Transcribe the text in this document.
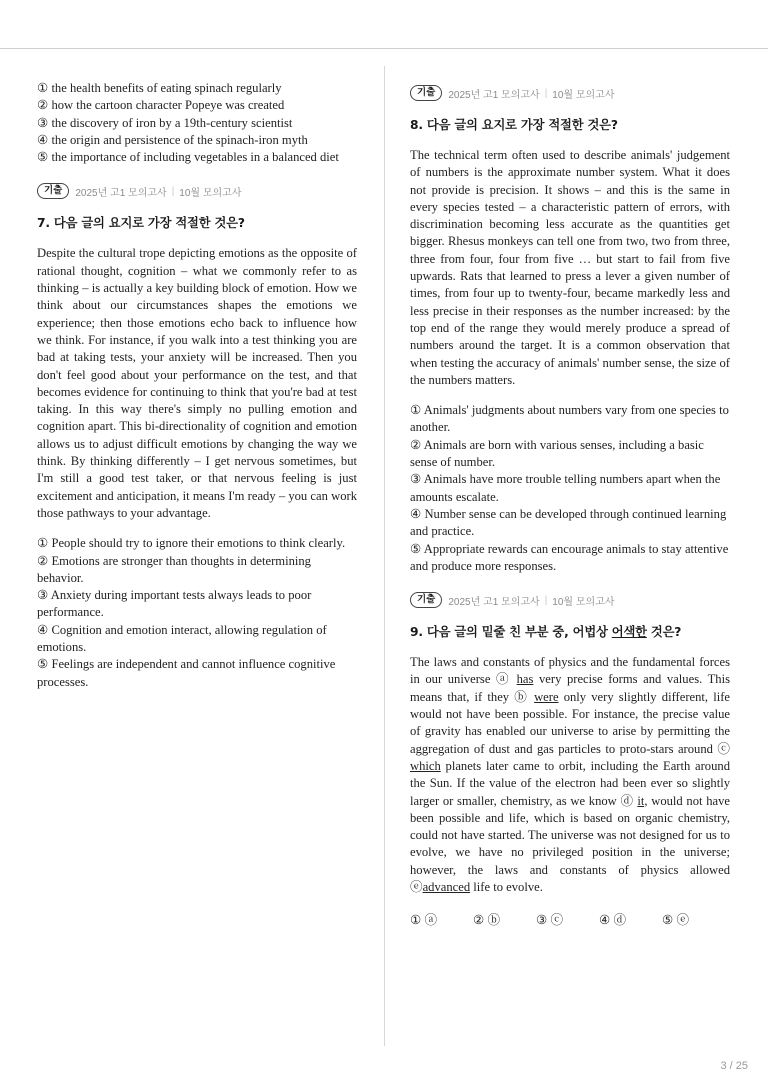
① the health benefits of eating spinach regularly
② how the cartoon character Popeye was created
③ the discovery of iron by a 19th-century scientist
④ the origin and persistence of the spinach-iron myth
⑤ the importance of including vegetables in a balanced diet
기출	2025년 고1 모의고사 | 10월 모의고사
7. 다음 글의 요지로 가장 적절한 것은?
Despite the cultural trope depicting emotions as the opposite of rational thought, cognition – what we commonly refer to as thinking – is actually a key building block of emotion. How we think about our circumstances shapes the emotions we experience; then those emotions echo back to influence how we think. For instance, if you walk into a test thinking you are bad at taking tests, your anxiety will be increased. Then you don't feel good about your performance on the test, and that becomes evidence for continuing to think that you're bad at test taking. In this way there's simply no pulling emotion and cognition apart. This bi-directionality of cognition and emotion allows us to adjust difficult emotions by changing the way we think. By thinking differently – I get nervous sometimes, but I'm still a good test taker, or that nervous feeling is just excitement and anticipation, it means I'm ready – you can work those pathways to your advantage.
① People should try to ignore their emotions to think clearly.
② Emotions are stronger than thoughts in determining behavior.
③ Anxiety during important tests always leads to poor performance.
④ Cognition and emotion interact, allowing regulation of emotions.
⑤ Feelings are independent and cannot influence cognitive processes.
기출	2025년 고1 모의고사 | 10월 모의고사
8. 다음 글의 요지로 가장 적절한 것은?
The technical term often used to describe animals' judgement of numbers is the approximate number system. What it does not provide is precision. It shows – and this is the same in every species tested – a characteristic pattern of errors, with discrimination becoming less accurate as the quantities get bigger. Rhesus monkeys can tell one from two, two from three, three from four, four from five … but start to fail from five upwards. Rats that learned to press a lever a given number of times, from four up to twenty-four, became markedly less and less precise in their responses as the number increased: by the top end of the range they would merely produce a spread of numbers around the target. It is a common observation that when testing the accuracy of animals' number sense, the size of the numbers matters.
① Animals' judgments about numbers vary from one species to another.
② Animals are born with various senses, including a basic sense of number.
③ Animals have more trouble telling numbers apart when the amounts escalate.
④ Number sense can be developed through continued learning and practice.
⑤ Appropriate rewards can encourage animals to stay attentive and produce more responses.
기출	2025년 고1 모의고사 | 10월 모의고사
9. 다음 글의 밑줄 친 부분 중, 어법상 어색한 것은?
The laws and constants of physics and the fundamental forces in our universe ⓐ has very precise forms and values. This means that, if they ⓑ were only very slightly different, life would not have been possible. For instance, the precise value of gravity has enabled our universe to arise by permitting the aggregation of dust and gas particles to proto-stars around ⓒ which planets later came to orbit, including the Earth around the Sun. If the value of the electron had been ever so slightly larger or smaller, chemistry, as we know ⓓ it, would not have been possible and life, which is based on organic chemistry, could not have started. The universe was not designed for us to evolve, we have no privileged position in the universe; however, the laws and constants of physics allowed ⓔadvanced life to evolve.
① ⓐ	② ⓑ	③ ⓒ	④ ⓓ	⑤ ⓔ
3 / 25
